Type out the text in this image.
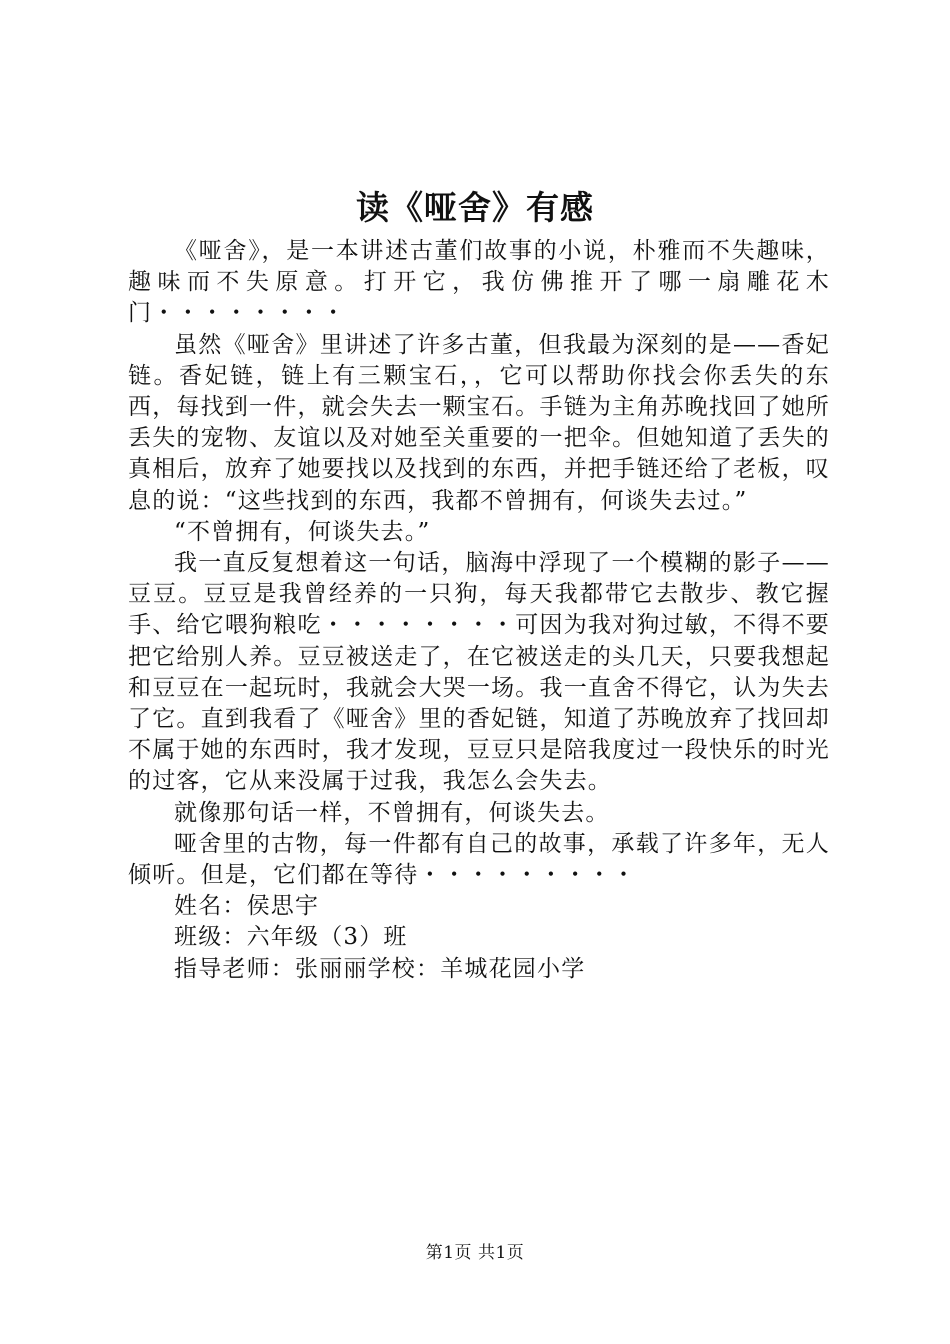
读《哑舍》有感

《哑舍》，是一本讲述古董们故事的小说，朴雅而不失趣味，趣味而不失原意。打开它，我仿佛推开了哪一扇雕花木门・・・・・・・・

虽然《哑舍》里讲述了许多古董，但我最为深刻的是——香妃链。香妃链，链上有三颗宝石，，它可以帮助你找会你丢失的东西，每找到一件，就会失去一颗宝石。手链为主角苏晚找回了她所丢失的宠物、友谊以及对她至关重要的一把伞。但她知道了丢失的真相后，放弃了她要找以及找到的东西，并把手链还给了老板，叹息的说：“这些找到的东西，我都不曾拥有，何谈失去过。”

“不曾拥有，何谈失去。”

我一直反复想着这一句话，脑海中浮现了一个模糊的影子——豆豆。豆豆是我曾经养的一只狗，每天我都带它去散步、教它握手、给它喂狗粮吃・・・・・・・・可因为我对狗过敏，不得不要把它给别人养。豆豆被送走了，在它被送走的头几天，只要我想起和豆豆在一起玩时，我就会大哭一场。我一直舍不得它，认为失去了它。直到我看了《哑舍》里的香妃链，知道了苏晚放弃了找回却不属于她的东西时，我才发现，豆豆只是陪我度过一段快乐的时光的过客，它从来没属于过我，我怎么会失去。

就像那句话一样，不曾拥有，何谈失去。

哑舍里的古物，每一件都有自己的故事，承载了许多年，无人倾听。但是，它们都在等待・・・・・・・・・

姓名：侯思宇

班级：六年级（3）班

指导老师：张丽丽学校：羊城花园小学

第1页 共1页
